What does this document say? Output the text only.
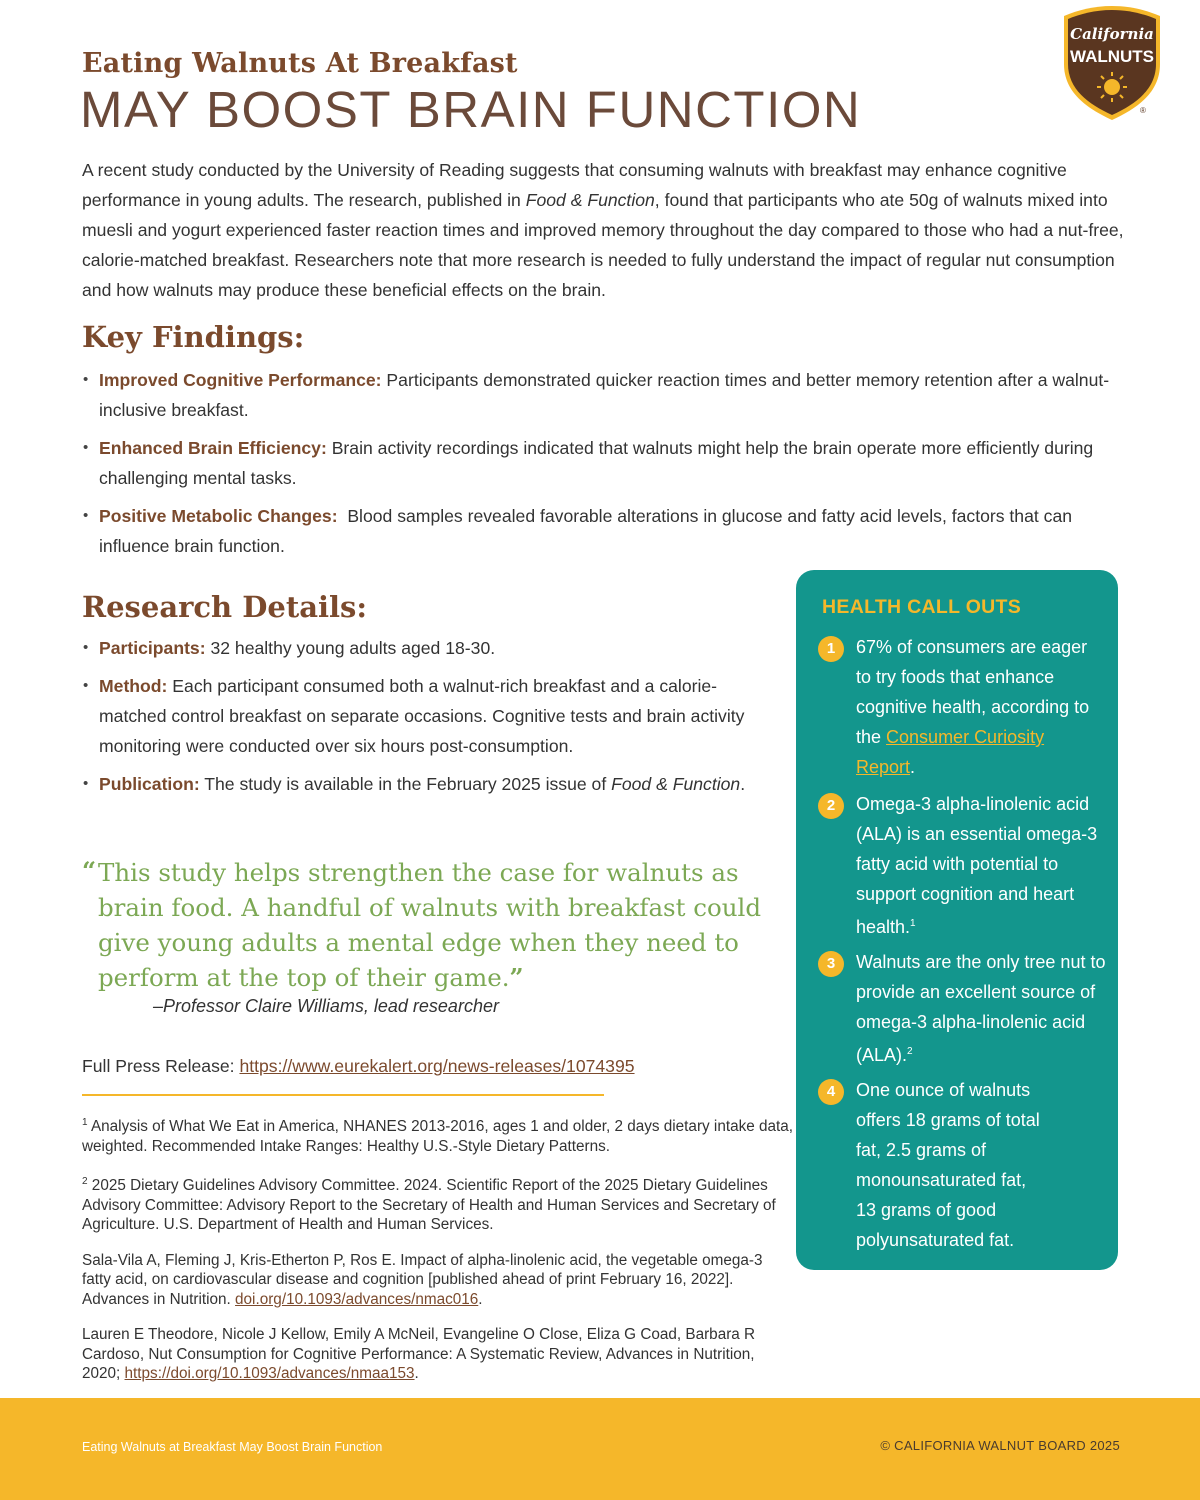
Eating Walnuts At Breakfast
MAY BOOST BRAIN FUNCTION
California
WALNUTS
®

A recent study conducted by the University of Reading suggests that consuming walnuts with breakfast may enhance cognitive performance in young adults. The research, published in Food & Function, found that participants who ate 50g of walnuts mixed into muesli and yogurt experienced faster reaction times and improved memory throughout the day compared to those who had a nut-free, calorie-matched breakfast. Researchers note that more research is needed to fully understand the impact of regular nut consumption and how walnuts may produce these beneficial effects on the brain.

Key Findings:
• Improved Cognitive Performance: Participants demonstrated quicker reaction times and better memory retention after a walnut-inclusive breakfast.
• Enhanced Brain Efficiency: Brain activity recordings indicated that walnuts might help the brain operate more efficiently during challenging mental tasks.
• Positive Metabolic Changes:  Blood samples revealed favorable alterations in glucose and fatty acid levels, factors that can influence brain function.
Research Details:
• Participants: 32 healthy young adults aged 18-30.
• Method: Each participant consumed both a walnut-rich breakfast and a calorie-matched control breakfast on separate occasions. Cognitive tests and brain activity monitoring were conducted over six hours post-consumption.
• Publication: The study is available in the February 2025 issue of Food & Function.
“ This study helps strengthen the case for walnuts as brain food. A handful of walnuts with breakfast could give young adults a mental edge when they need to perform at the top of their game.”
–Professor Claire Williams, lead researcher
Full Press Release: https://www.eurekalert.org/news-releases/1074395

$^1$ Analysis of What We Eat in America, NHANES 2013-2016, ages 1 and older, 2 days dietary intake data, weighted. Recommended Intake Ranges: Healthy U.S.-Style Dietary Patterns.

$^2$ 2025 Dietary Guidelines Advisory Committee. 2024. Scientific Report of the 2025 Dietary Guidelines Advisory Committee: Advisory Report to the Secretary of Health and Human Services and Secretary of Agriculture. U.S. Department of Health and Human Services.

Sala-Vila A, Fleming J, Kris-Etherton P, Ros E. Impact of alpha-linolenic acid, the vegetable omega-3 fatty acid, on cardiovascular disease and cognition [published ahead of print February 16, 2022]. Advances in Nutrition. doi.org/10.1093/advances/nmac016.

Lauren E Theodore, Nicole J Kellow, Emily A McNeil, Evangeline O Close, Eliza G Coad, Barbara R Cardoso, Nut Consumption for Cognitive Performance: A Systematic Review, Advances in Nutrition, 2020; https://doi.org/10.1093/advances/nmaa153.

HEALTH CALL OUTS
1	67% of consumers are eager to try foods that enhance cognitive health, according to the Consumer Curiosity Report.
2	Omega-3 alpha-linolenic acid (ALA) is an essential omega-3 fatty acid with potential to support cognition and heart health.$^1$
3	Walnuts are the only tree nut to provide an excellent source of omega-3 alpha-linolenic acid (ALA).$^2$
4	One ounce of walnuts offers 18 grams of total fat, 2.5 grams of monounsaturated fat, 13 grams of good polyunsaturated fat.
Eating Walnuts at Breakfast May Boost Brain Function	© CALIFORNIA WALNUT BOARD 2025
